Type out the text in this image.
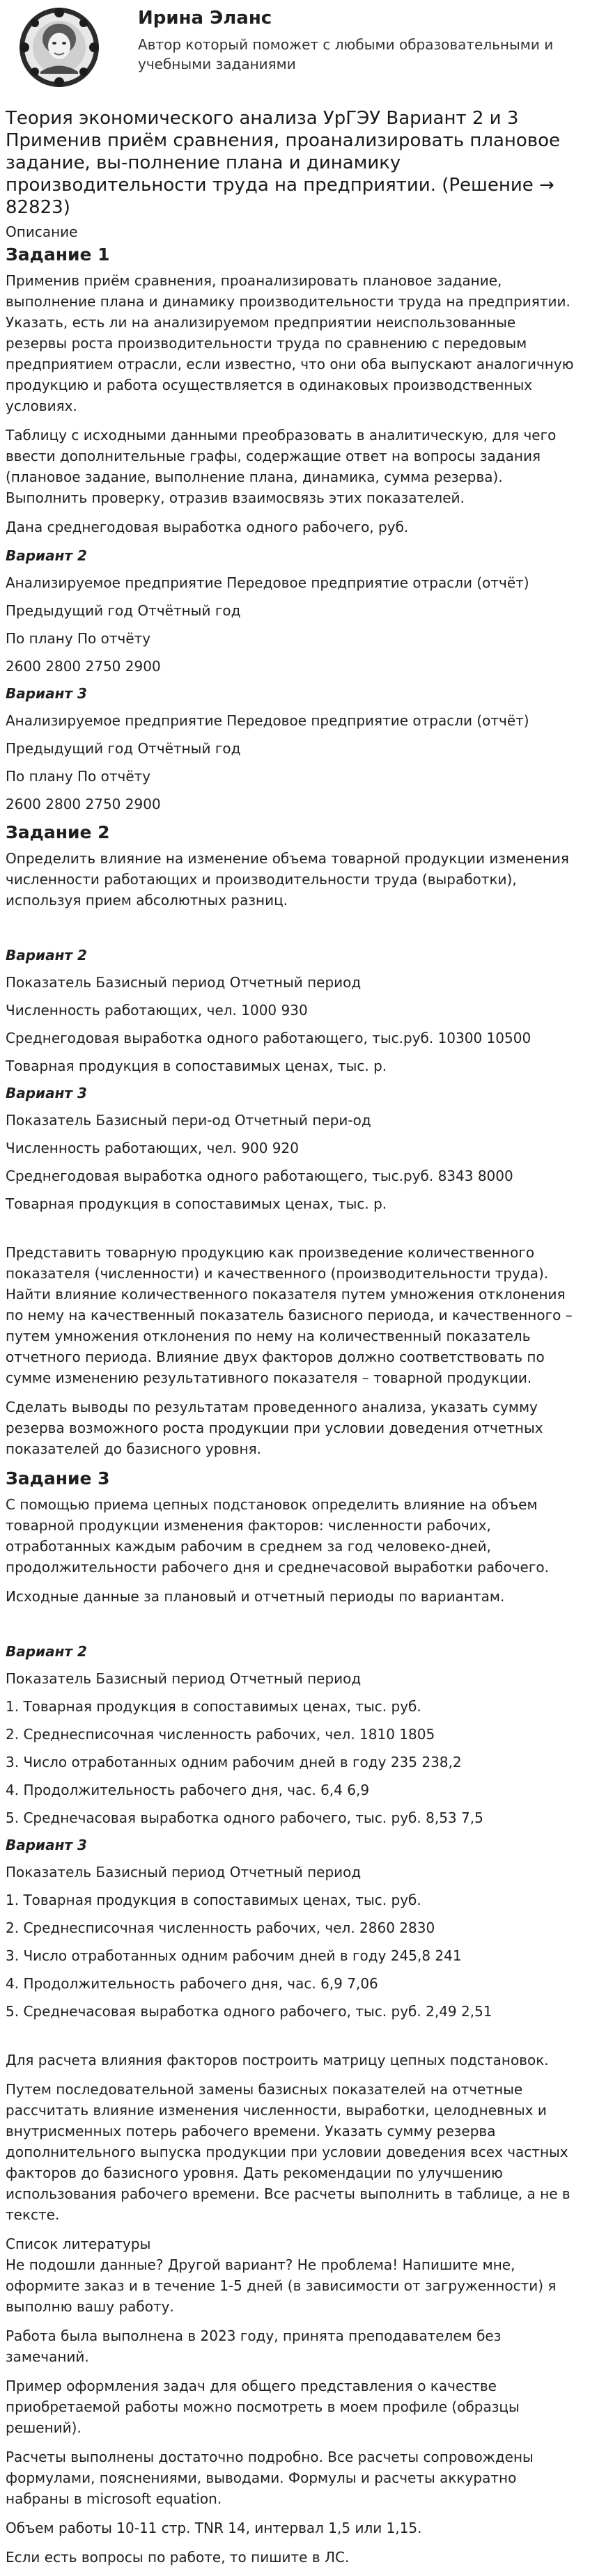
Ирина Эланс
Автор который поможет с любыми образовательными и учебными заданиями
Теория экономического анализа УрГЭУ Вариант 2 и 3 Применив приём сравнения, проанализировать плановое задание, вы-полнение плана и динамику производительности труда на предприятии. (Решение → 82823)
Описание
Задание 1

Применив приём сравнения, проанализировать плановое задание, выполнение плана и динамику производительности труда на предприятии. Указать, есть ли на анализируемом предприятии неиспользованные резервы роста производительности труда по сравнению с передовым предприятием отрасли, если известно, что они оба выпускают аналогичную продукцию и работа осуществляется в одинаковых производственных условиях.

Таблицу с исходными данными преобразовать в аналитическую, для чего ввести дополнительные графы, содержащие ответ на вопросы задания (плановое задание, выполнение плана, динамика, сумма резерва). Выполнить проверку, отразив взаимосвязь этих показателей.

Дана среднегодовая выработка одного рабочего, руб.

Вариант 2
Анализируемое предприятие Передовое предприятие отрасли (отчёт)
Предыдущий год Отчётный год
По плану По отчёту
2600 2800 2750 2900
Вариант 3
Анализируемое предприятие Передовое предприятие отрасли (отчёт)
Предыдущий год Отчётный год
По плану По отчёту
2600 2800 2750 2900
Задание 2

Определить влияние на изменение объема товарной продукции изменения численности работающих и производительности труда (выработки), используя прием абсолютных разниц.

Вариант 2
Показатель Базисный период Отчетный период
Численность работающих, чел. 1000 930
Среднегодовая выработка одного работающего, тыс.руб. 10300 10500
Товарная продукция в сопоставимых ценах, тыс. р.
Вариант 3
Показатель Базисный пери-од Отчетный пери-од
Численность работающих, чел. 900 920
Среднегодовая выработка одного работающего, тыс.руб. 8343 8000
Товарная продукция в сопоставимых ценах, тыс. р.

Представить товарную продукцию как произведение количественного показателя (численности) и качественного (производительности труда). Найти влияние количественного показателя путем умножения отклонения по нему на качественный показатель базисного периода, и качественного – путем умножения отклонения по нему на количественный показатель отчетного периода. Влияние двух факторов должно соответствовать по сумме изменению результативного показателя – товарной продукции.

Сделать выводы по результатам проведенного анализа, указать сумму резерва возможного роста продукции при условии доведения отчетных показателей до базисного уровня.

Задание 3

С помощью приема цепных подстановок определить влияние на объем товарной продукции изменения факторов: численности рабочих, отработанных каждым рабочим в среднем за год человеко-дней, продолжительности рабочего дня и среднечасовой выработки рабочего.

Исходные данные за плановый и отчетный периоды по вариантам.

Вариант 2
Показатель Базисный период Отчетный период
1. Товарная продукция в сопоставимых ценах, тыс. руб.
2. Среднесписочная численность рабочих, чел. 1810 1805
3. Число отработанных одним рабочим дней в году 235 238,2
4. Продолжительность рабочего дня, час. 6,4 6,9
5. Среднечасовая выработка одного рабочего, тыс. руб. 8,53 7,5
Вариант 3
Показатель Базисный период Отчетный период
1. Товарная продукция в сопоставимых ценах, тыс. руб.
2. Среднесписочная численность рабочих, чел. 2860 2830
3. Число отработанных одним рабочим дней в году 245,8 241
4. Продолжительность рабочего дня, час. 6,9 7,06
5. Среднечасовая выработка одного рабочего, тыс. руб. 2,49 2,51

Для расчета влияния факторов построить матрицу цепных подстановок.

Путем последовательной замены базисных показателей на отчетные рассчитать влияние изменения численности, выработки, целодневных и внутрисменных потерь рабочего времени. Указать сумму резерва дополнительного выпуска продукции при условии доведения всех частных факторов до базисного уровня. Дать рекомендации по улучшению использования рабочего времени. Все расчеты выполнить в таблице, а не в тексте.

Список литературы

Не подошли данные? Другой вариант? Не проблема! Напишите мне, оформите заказ и в течение 1-5 дней (в зависимости от загруженности) я выполню вашу работу.

Работа была выполнена в 2023 году, принята преподавателем без замечаний.

Пример оформления задач для общего представления о качестве приобретаемой работы можно посмотреть в моем профиле (образцы решений).

Расчеты выполнены достаточно подробно. Все расчеты сопровождены формулами, пояснениями, выводами. Формулы и расчеты аккуратно набраны в microsoft equation.

Объем работы 10-11 стр. TNR 14, интервал 1,5 или 1,15.

Если есть вопросы по работе, то пишите в ЛС.
